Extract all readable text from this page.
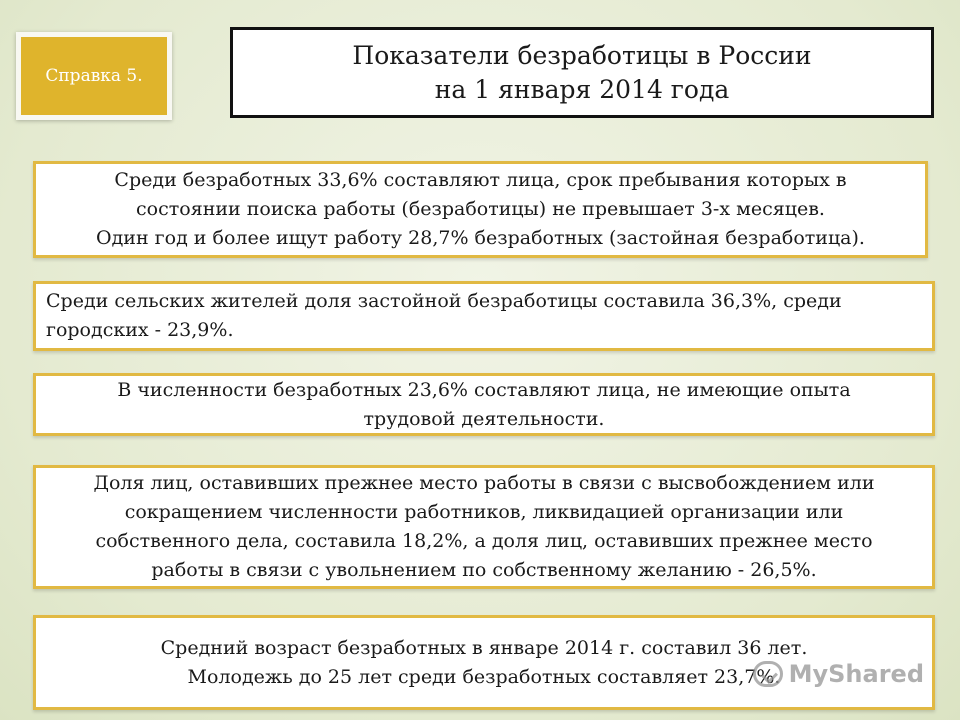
Справка 5.
Показатели безработицы в России
на 1 января 2014 года
Среди безработных 33,6% составляют лица, срок пребывания которых в
состоянии поиска работы (безработицы) не превышает 3-х месяцев.
Один год и более ищут работу 28,7% безработных (застойная безработица).
Среди сельских жителей доля застойной безработицы составила 36,3%, среди
городских - 23,9%.
В численности безработных 23,6% составляют лица, не имеющие опыта
трудовой деятельности.
Доля лиц, оставивших прежнее место работы в связи с высвобождением или
сокращением численности работников, ликвидацией организации или
собственного дела, составила 18,2%, а доля лиц, оставивших прежнее место
работы в связи с увольнением по собственному желанию - 26,5%.
Средний возраст безработных в январе 2014 г. составил 36 лет.
Молодежь до 25 лет среди безработных составляет 23,7%. MyShared
